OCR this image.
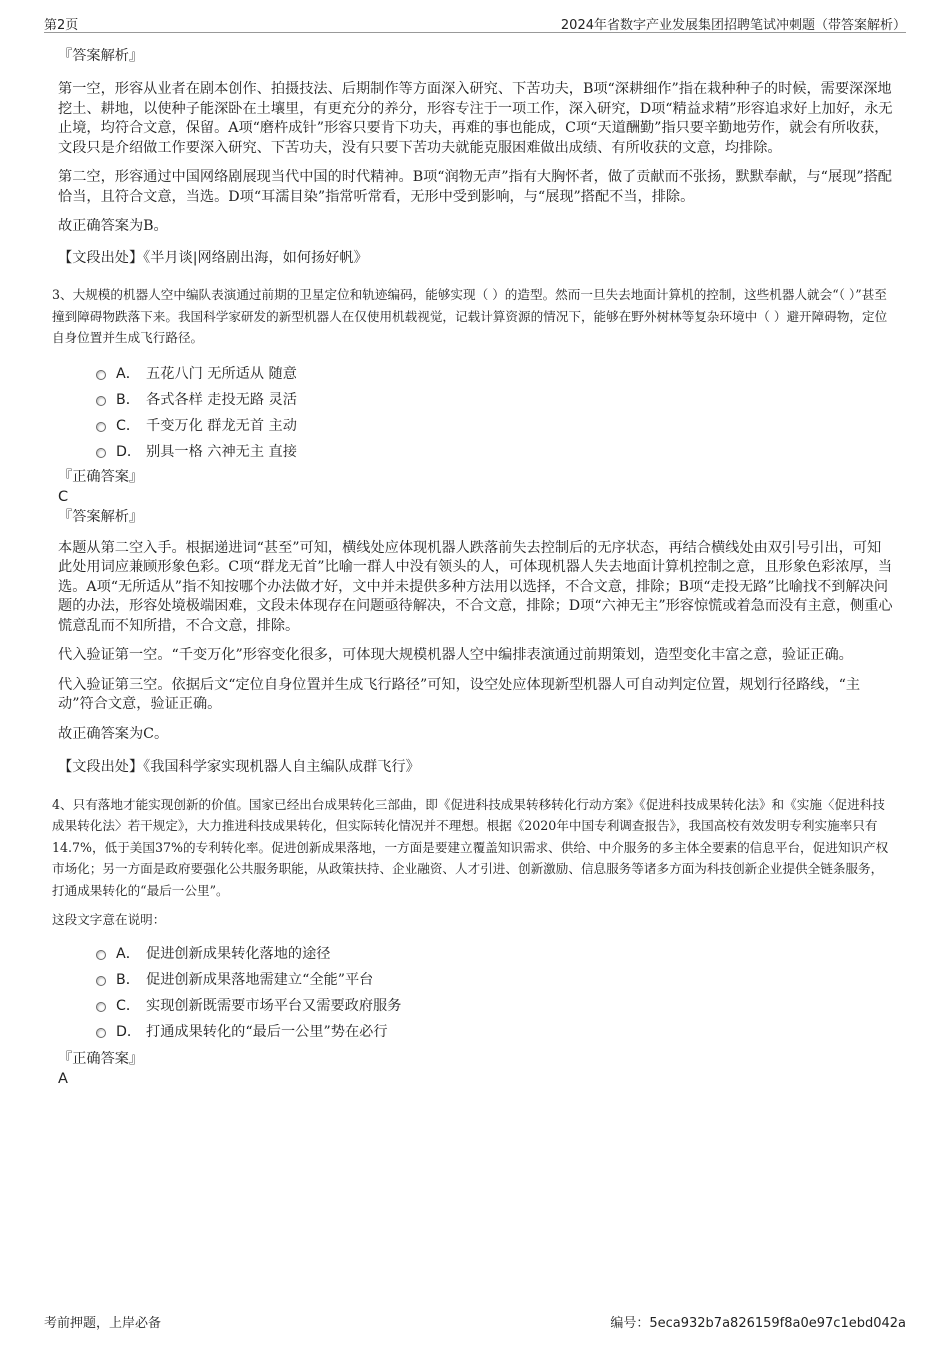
第2页	2024年省数字产业发展集团招聘笔试冲刺题（带答案解析）

『答案解析』

第一空，形容从业者在剧本创作、拍摄技法、后期制作等方面深入研究、下苦功夫，B项“深耕细作”指在栽种种子的时候，需要深深地挖土、耕地，以使种子能深卧在土壤里，有更充分的养分，形容专注于一项工作，深入研究，D项“精益求精”形容追求好上加好，永无止境，均符合文意，保留。A项“磨杵成针”形容只要肯下功夫，再难的事也能成，C项“天道酬勤”指只要辛勤地劳作，就会有所收获，文段只是介绍做工作要深入研究、下苦功夫，没有只要下苦功夫就能克服困难做出成绩、有所收获的文意，均排除。

第二空，形容通过中国网络剧展现当代中国的时代精神。B项“润物无声”指有大胸怀者，做了贡献而不张扬，默默奉献，与“展现”搭配恰当，且符合文意，当选。D项“耳濡目染”指常听常看，无形中受到影响，与“展现”搭配不当，排除。

故正确答案为B。

【文段出处】《半月谈|网络剧出海，如何扬好帆》

3、大规模的机器人空中编队表演通过前期的卫星定位和轨迹编码，能够实现（ ）的造型。然而一旦失去地面计算机的控制，这些机器人就会“（ ）”甚至撞到障碍物跌落下来。我国科学家研发的新型机器人在仅使用机载视觉，记载计算资源的情况下，能够在野外树林等复杂环境中（ ）避开障碍物，定位自身位置并生成飞行路径。

A． 五花八门 无所适从 随意
B． 各式各样 走投无路 灵活
C． 千变万化 群龙无首 主动
D． 别具一格 六神无主 直接

『正确答案』

C

『答案解析』

本题从第二空入手。根据递进词“甚至”可知，横线处应体现机器人跌落前失去控制后的无序状态，再结合横线处由双引号引出，可知此处用词应兼顾形象色彩。C项“群龙无首”比喻一群人中没有领头的人，可体现机器人失去地面计算机控制之意，且形象色彩浓厚，当选。A项“无所适从”指不知按哪个办法做才好，文中并未提供多种方法用以选择，不合文意，排除；B项“走投无路”比喻找不到解决问题的办法，形容处境极端困难，文段未体现存在问题亟待解决，不合文意，排除；D项“六神无主”形容惊慌或着急而没有主意，侧重心慌意乱而不知所措，不合文意，排除。

代入验证第一空。“千变万化”形容变化很多，可体现大规模机器人空中编排表演通过前期策划，造型变化丰富之意，验证正确。

代入验证第三空。依据后文“定位自身位置并生成飞行路径”可知，设空处应体现新型机器人可自动判定位置，规划行径路线，“主动”符合文意，验证正确。

故正确答案为C。

【文段出处】《我国科学家实现机器人自主编队成群飞行》

4、只有落地才能实现创新的价值。国家已经出台成果转化三部曲，即《促进科技成果转移转化行动方案》《促进科技成果转化法》和《实施〈促进科技成果转化法〉若干规定》，大力推进科技成果转化，但实际转化情况并不理想。根据《2020年中国专利调查报告》，我国高校有效发明专利实施率只有14.7%，低于美国37%的专利转化率。促进创新成果落地，一方面是要建立覆盖知识需求、供给、中介服务的多主体全要素的信息平台，促进知识产权市场化；另一方面是政府要强化公共服务职能，从政策扶持、企业融资、人才引进、创新激励、信息服务等诸多方面为科技创新企业提供全链条服务，打通成果转化的“最后一公里”。

这段文字意在说明：

A． 促进创新成果转化落地的途径
B． 促进创新成果落地需建立“全能”平台
C． 实现创新既需要市场平台又需要政府服务
D． 打通成果转化的“最后一公里”势在必行

『正确答案』

A

考前押题，上岸必备	编号：5eca932b7a826159f8a0e97c1ebd042a
